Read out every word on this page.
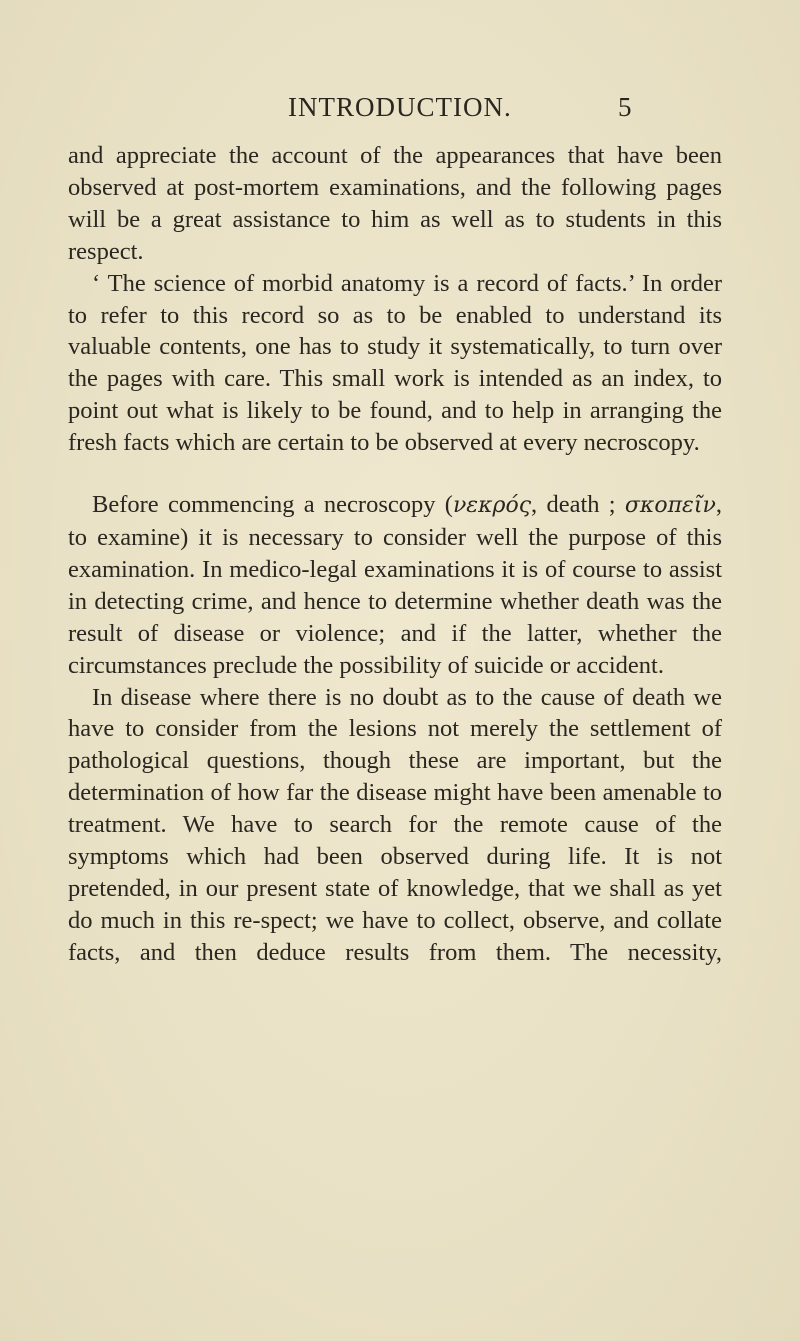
INTRODUCTION.	5

and appreciate the account of the appearances that have been observed at post-mortem examinations, and the following pages will be a great assistance to him as well as to students in this respect.

‘ The science of morbid anatomy is a record of facts.’ In order to refer to this record so as to be enabled to understand its valuable contents, one has to study it systematically, to turn over the pages with care. This small work is intended as an index, to point out what is likely to be found, and to help in arranging the fresh facts which are certain to be observed at every necroscopy.

Before commencing a necroscopy (νεκρός, death ; σκοπεῖν, to examine) it is necessary to consider well the purpose of this examination. In medico-legal examinations it is of course to assist in detecting crime, and hence to determine whether death was the result of disease or violence; and if the latter, whether the circumstances preclude the possibility of suicide or accident.

In disease where there is no doubt as to the cause of death we have to consider from the lesions not merely the settlement of pathological questions, though these are important, but the determination of how far the disease might have been amenable to treatment. We have to search for the remote cause of the symptoms which had been observed during life. It is not pretended, in our present state of knowledge, that we shall as yet do much in this re-spect; we have to collect, observe, and collate facts, and then deduce results from them. The necessity,
